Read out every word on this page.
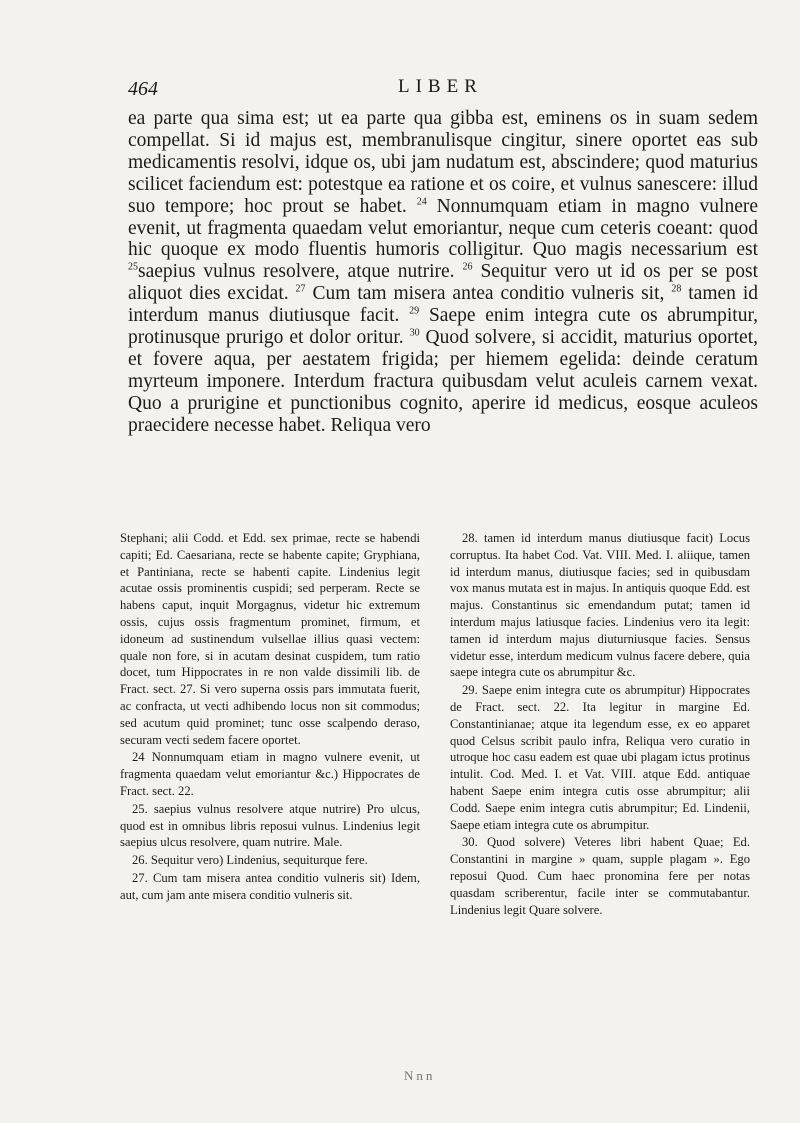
464	LIBER

ea parte qua sima est; ut ea parte qua gibba est, eminens os in suam sedem compellat. Si id majus est, membranulisque cingitur, sinere oportet eas sub medicamentis resolvi, idque os, ubi jam nudatum est, abscindere; quod maturius scilicet faciendum est: potestque ea ratione et os coire, et vulnus sanescere: illud suo tempore; hoc prout se habet. $^{24}$ Nonnumquam etiam in magno vulnere evenit, ut fragmenta quaedam velut emoriantur, neque cum ceteris coeant: quod hic quoque ex modo fluentis humoris colligitur. Quo magis necessarium est $^{25}$saepius vulnus resolvere, atque nutrire. $^{26}$ Sequitur vero ut id os per se post aliquot dies excidat. $^{27}$ Cum tam misera antea conditio vulneris sit, $^{28}$ tamen id interdum manus diutiusque facit. $^{29}$ Saepe enim integra cute os abrumpitur, protinusque prurigo et dolor oritur. $^{30}$ Quod solvere, si accidit, maturius oportet, et fovere aqua, per aestatem frigida; per hiemem egelida: deinde ceratum myrteum imponere. Interdum fractura quibusdam velut aculeis carnem vexat. Quo a prurigine et punctionibus cognito, aperire id medicus, eosque aculeos praecidere necesse habet. Reliqua vero

Stephani; alii Codd. et Edd. sex primae, recte se habendi capiti; Ed. Caesariana, recte se habente capite; Gryphiana, et Pantiniana, recte se habenti capite. Lindenius legit acutae ossis prominentis cuspidi; sed perperam. Recte se habens caput, inquit Morgagnus, videtur hic extremum ossis, cujus ossis fragmentum prominet, firmum, et idoneum ad sustinendum vulsellae illius quasi vectem: quale non fore, si in acutam desinat cuspidem, tum ratio docet, tum Hippocrates in re non valde dissimili lib. de Fract. sect. 27. Si vero superna ossis pars immutata fuerit, ac confracta, ut vecti adhibendo locus non sit commodus; sed acutum quid prominet; tunc osse scalpendo deraso, securam vecti sedem facere oportet.

24 Nonnumquam etiam in magno vulnere evenit, ut fragmenta quaedam velut emoriantur &c.) Hippocrates de Fract. sect. 22.

25. saepius vulnus resolvere atque nutrire) Pro ulcus, quod est in omnibus libris reposui vulnus. Lindenius legit saepius ulcus resolvere, quam nutrire. Male.

26. Sequitur vero) Lindenius, sequiturque fere.

27. Cum tam misera antea conditio vulneris sit) Idem, aut, cum jam ante misera conditio vulneris sit.

28. tamen id interdum manus diutiusque facit) Locus corruptus. Ita habet Cod. Vat. VIII. Med. I. aliique, tamen id interdum manus, diutiusque facies; sed in quibusdam vox manus mutata est in majus. In antiquis quoque Edd. est majus. Constantinus sic emendandum putat; tamen id interdum majus latiusque facies. Lindenius vero ita legit: tamen id interdum majus diuturniusque facies. Sensus videtur esse, interdum medicum vulnus facere debere, quia saepe integra cute os abrumpitur &c.

29. Saepe enim integra cute os abrumpitur) Hippocrates de Fract. sect. 22. Ita legitur in margine Ed. Constantinianae; atque ita legendum esse, ex eo apparet quod Celsus scribit paulo infra, Reliqua vero curatio in utroque hoc casu eadem est quae ubi plagam ictus protinus intulit. Cod. Med. I. et Vat. VIII. atque Edd. antiquae habent Saepe enim integra cutis osse abrumpitur; alii Codd. Saepe enim integra cutis abrumpitur; Ed. Lindenii, Saepe etiam integra cute os abrumpitur.

30. Quod solvere) Veteres libri habent Quae; Ed. Constantini in margine » quam, supple plagam ». Ego reposui Quod. Cum haec pronomina fere per notas quasdam scriberentur, facile inter se commutabantur. Lindenius legit Quare solvere.

Nnn
